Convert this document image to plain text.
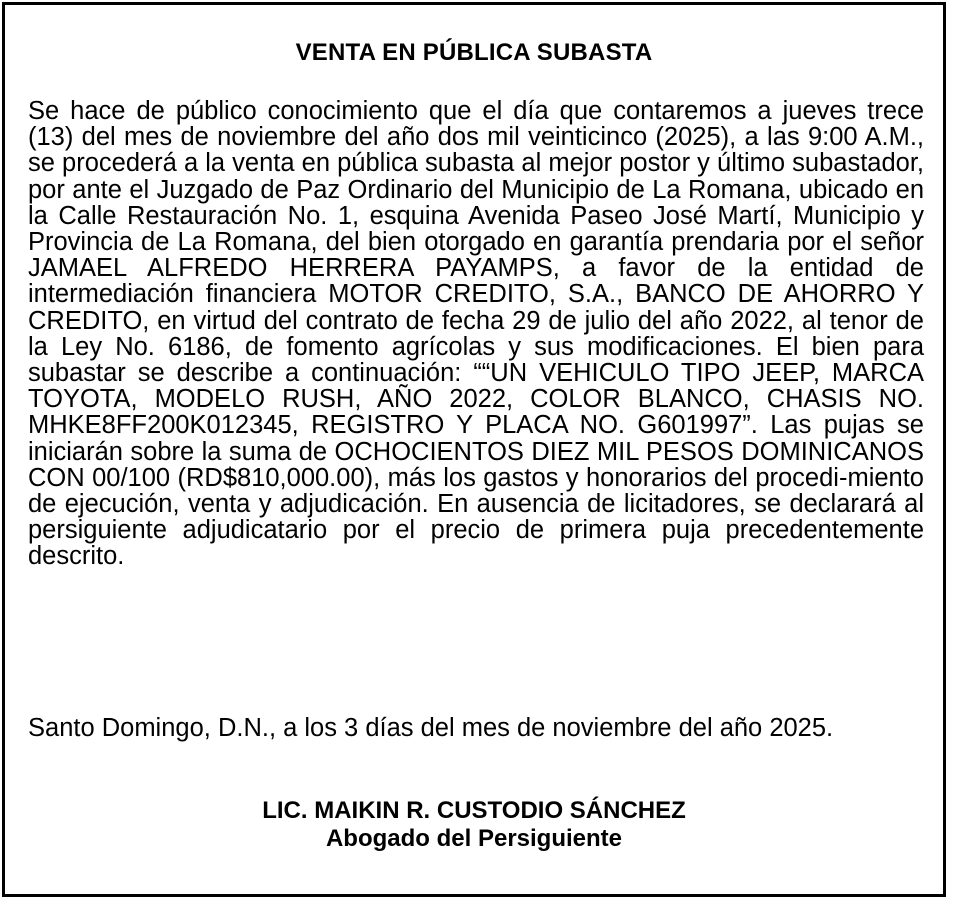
VENTA EN PÚBLICA SUBASTA

Se hace de público conocimiento que el día que contaremos a jueves trece (13) del mes de noviembre del año dos mil veinticinco (2025), a las 9:00 A.M., se procederá a la venta en pública subasta al mejor postor y último subastador, por ante el Juzgado de Paz Ordinario del Municipio de La Romana, ubicado en la Calle Restauración No. 1, esquina Avenida Paseo José Martí, Municipio y Provincia de La Romana, del bien otorgado en garantía prendaria por el señor JAMAEL ALFREDO HERRERA PAYAMPS, a favor de la entidad de intermediación financiera MOTOR CREDITO, S.A., BANCO DE AHORRO Y CREDITO, en virtud del contrato de fecha 29 de julio del año 2022, al tenor de la Ley No. 6186, de fomento agrícolas y sus modificaciones. El bien para subastar se describe a continuación: ““UN VEHICULO TIPO JEEP, MARCA TOYOTA, MODELO RUSH, AÑO 2022, COLOR BLANCO, CHASIS NO. MHKE8FF200K012345, REGISTRO Y PLACA NO. G601997”. Las pujas se iniciarán sobre la suma de OCHOCIENTOS DIEZ MIL PESOS DOMINICANOS CON 00/100 (RD$810,000.00), más los gastos y honorarios del procedi-miento de ejecución, venta y adjudicación. En ausencia de licitadores, se declarará al persiguiente adjudicatario por el precio de primera puja precedentemente descrito.

Santo Domingo, D.N., a los 3 días del mes de noviembre del año 2025.

LIC. MAIKIN R. CUSTODIO SÁNCHEZ
Abogado del Persiguiente
